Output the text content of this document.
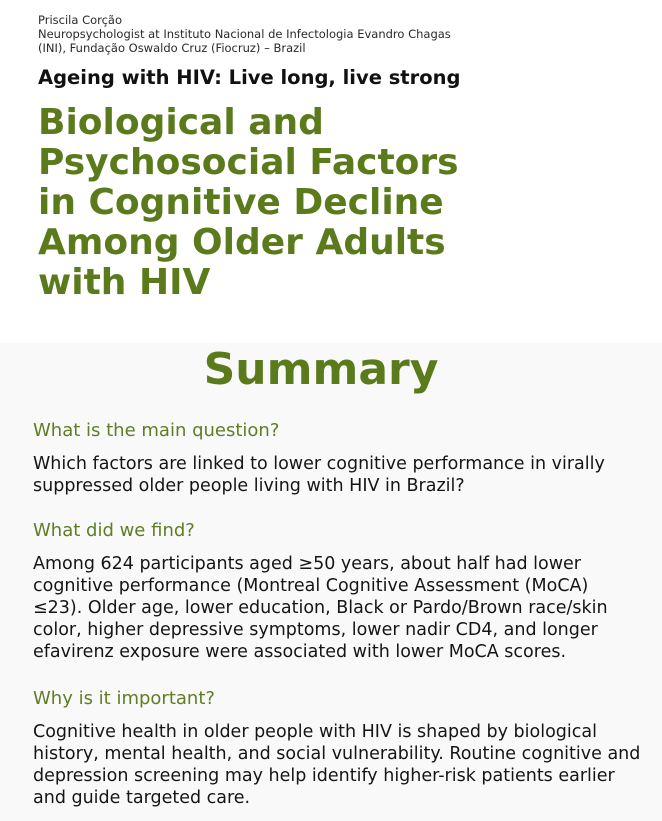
Priscila Corção
Neuropsychologist at Instituto Nacional de Infectologia Evandro Chagas
(INI), Fundação Oswaldo Cruz (Fiocruz) – Brazil
Ageing with HIV: Live long, live strong
Biological and Psychosocial Factors in Cognitive Decline Among Older Adults with HIV
Summary
What is the main question?

Which factors are linked to lower cognitive performance in virally suppressed older people living with HIV in Brazil?

What did we find?

Among 624 participants aged ≥50 years, about half had lower cognitive performance (Montreal Cognitive Assessment (MoCA) ≤23). Older age, lower education, Black or Pardo/Brown race/skin color, higher depressive symptoms, lower nadir CD4, and longer efavirenz exposure were associated with lower MoCA scores.

Why is it important?

Cognitive health in older people with HIV is shaped by biological history, mental health, and social vulnerability. Routine cognitive and depression screening may help identify higher-risk patients earlier and guide targeted care.
